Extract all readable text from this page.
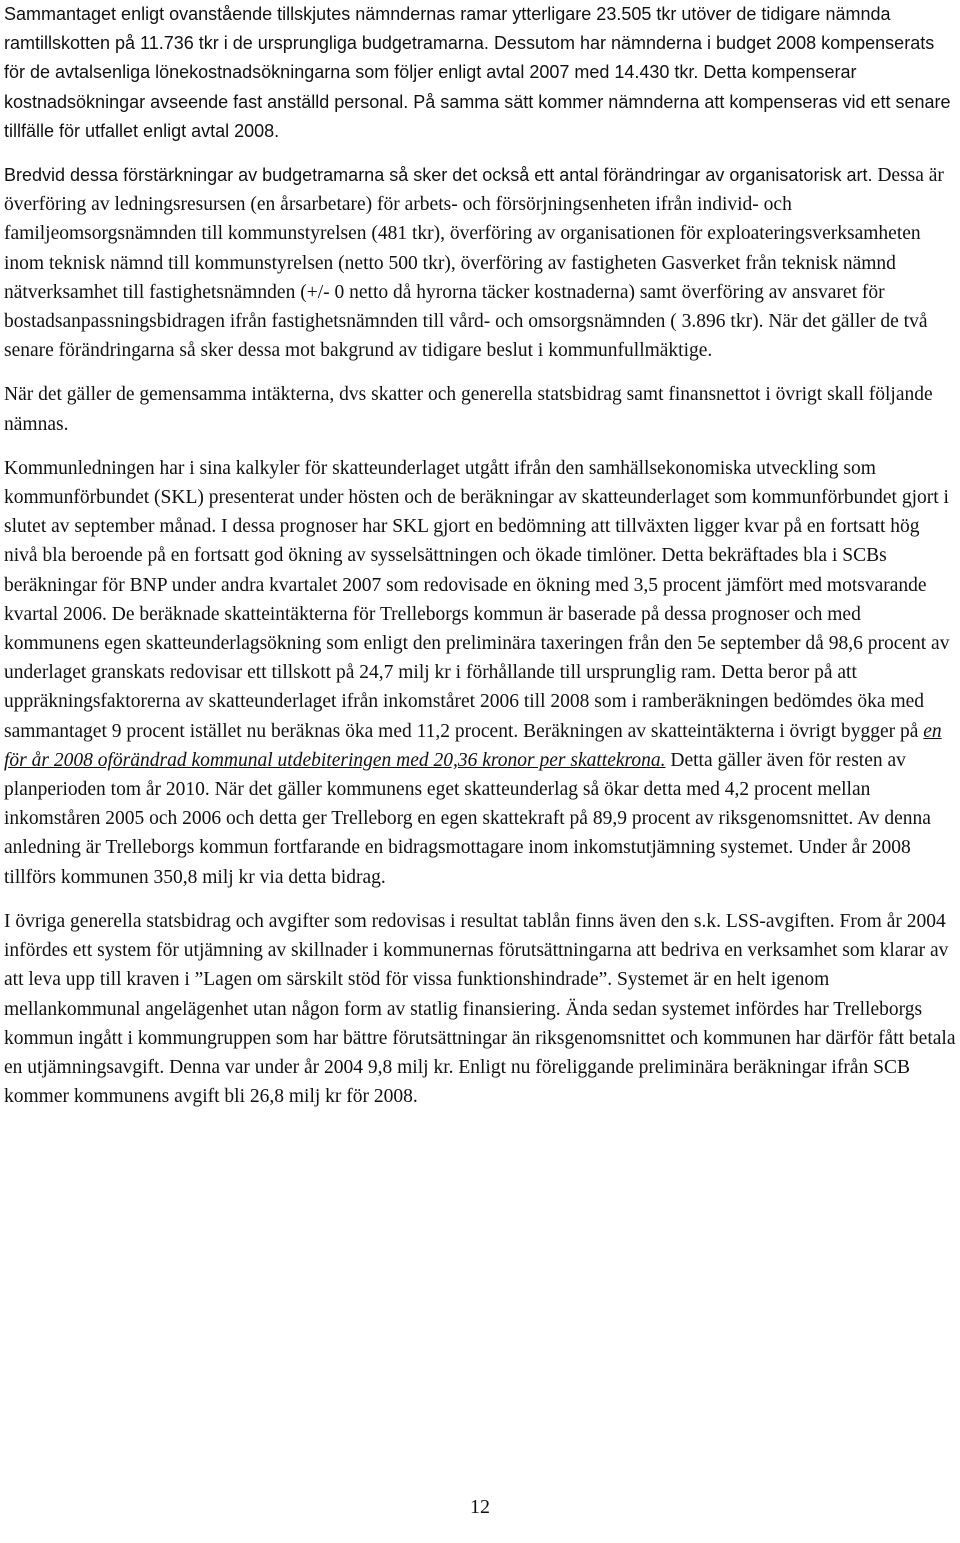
Sammantaget enligt ovanstående tillskjutes nämndernas ramar ytterligare 23.505 tkr utöver de tidigare nämnda ramtillskotten på 11.736 tkr i de ursprungliga budgetramarna. Dessutom har nämnderna i budget 2008 kompenserats för de avtalsenliga lönekostnadsökningarna som följer enligt avtal 2007 med 14.430 tkr. Detta kompenserar kostnadsökningar avseende fast anställd personal. På samma sätt kommer nämnderna att kompenseras vid ett senare tillfälle för utfallet enligt avtal 2008.

Bredvid dessa förstärkningar av budgetramarna så sker det också ett antal förändringar av organisatorisk art. Dessa är överföring av ledningsresursen (en årsarbetare) för arbets- och försörjningsenheten ifrån individ- och familjeomsorgsnämnden till kommunstyrelsen (481 tkr), överföring av organisationen för exploateringsverksamheten inom teknisk nämnd till kommunstyrelsen (netto 500 tkr), överföring av fastigheten Gasverket från teknisk nämnd nätverksamhet till fastighetsnämnden (+/- 0 netto då hyrorna täcker kostnaderna) samt överföring av ansvaret för bostadsanpassningsbidragen ifrån fastighetsnämnden till vård- och omsorgsnämnden ( 3.896 tkr). När det gäller de två senare förändringarna så sker dessa mot bakgrund av tidigare beslut i kommunfullmäktige.

När det gäller de gemensamma intäkterna, dvs skatter och generella statsbidrag samt finansnettot i övrigt skall följande nämnas.

Kommunledningen har i sina kalkyler för skatteunderlaget utgått ifrån den samhällsekonomiska utveckling som kommunförbundet (SKL) presenterat under hösten och de beräkningar av skatteunderlaget som kommunförbundet gjort i slutet av september månad. I dessa prognoser har SKL gjort en bedömning att tillväxten ligger kvar på en fortsatt hög nivå bla beroende på en fortsatt god ökning av sysselsättningen och ökade timlöner. Detta bekräftades bla i SCBs beräkningar för BNP under andra kvartalet 2007 som redovisade en ökning med 3,5 procent jämfört med motsvarande kvartal 2006. De beräknade skatteintäkterna för Trelleborgs kommun är baserade på dessa prognoser och med kommunens egen skatteunderlagsökning som enligt den preliminära taxeringen från den 5e september då 98,6 procent av underlaget granskats redovisar ett tillskott på 24,7 milj kr i förhållande till ursprunglig ram. Detta beror på att uppräkningsfaktorerna av skatteunderlaget ifrån inkomståret 2006 till 2008 som i ramberäkningen bedömdes öka med sammantaget 9 procent istället nu beräknas öka med 11,2 procent. Beräkningen av skatteintäkterna i övrigt bygger på en för år 2008 oförändrad kommunal utdebiteringen med 20,36 kronor per skattekrona. Detta gäller även för resten av planperioden tom år 2010. När det gäller kommunens eget skatteunderlag så ökar detta med 4,2 procent mellan inkomståren 2005 och 2006 och detta ger Trelleborg en egen skattekraft på 89,9 procent av riksgenomsnittet. Av denna anledning är Trelleborgs kommun fortfarande en bidragsmottagare inom inkomstutjämning systemet. Under år 2008 tillförs kommunen 350,8 milj kr via detta bidrag.

I övriga generella statsbidrag och avgifter som redovisas i resultat tablån finns även den s.k. LSS-avgiften. From år 2004 infördes ett system för utjämning av skillnader i kommunernas förutsättningarna att bedriva en verksamhet som klarar av att leva upp till kraven i ”Lagen om särskilt stöd för vissa funktionshindrade”. Systemet är en helt igenom mellankommunal angelägenhet utan någon form av statlig finansiering. Ända sedan systemet infördes har Trelleborgs kommun ingått i kommungruppen som har bättre förutsättningar än riksgenomsnittet och kommunen har därför fått betala en utjämningsavgift. Denna var under år 2004 9,8 milj kr. Enligt nu föreliggande preliminära beräkningar ifrån SCB kommer kommunens avgift bli 26,8 milj kr för 2008.

12
